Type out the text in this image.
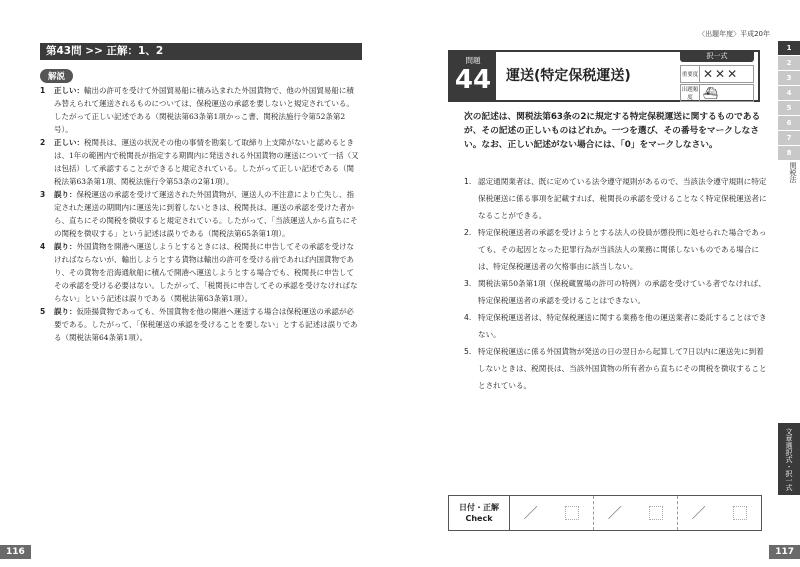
第43問 >> 正解：1、2
解説
1	正しい：輸出の許可を受けて外国貿易船に積み込まれた外国貨物で、他の外国貿易船に積み替えられて運送されるものについては、保税運送の承認を要しないと規定されている。したがって正しい記述である（関税法第63条第1項かっこ書、関税法施行令第52条第2号）。
2	正しい：税関長は、運送の状況その他の事情を勘案して取締り上支障がないと認めるときは、1年の範囲内で税関長が指定する期間内に発送される外国貨物の運送について一括（又は包括）して承認することができると規定されている。したがって正しい記述である（関税法第63条第1項、関税法施行令第53条の2第1項）。
3	誤り：保税運送の承認を受けて運送された外国貨物が、運送人の不注意により亡失し、指定された運送の期間内に運送先に到着しないときは、税関長は、運送の承認を受けた者から、直ちにその関税を徴収すると規定されている。したがって、「当該運送人から直ちにその関税を徴収する」という記述は誤りである（関税法第65条第1項）。
4	誤り：外国貨物を開港へ運送しようとするときには、税関長に申告してその承認を受けなければならないが、輸出しようとする貨物は輸出の許可を受ける前であれば内国貨物であり、その貨物を沿海通航船に積んで開港へ運送しようとする場合でも、税関長に申告してその承認を受ける必要はない。したがって、「税関長に申告してその承認を受けなければならない」という記述は誤りである（関税法第63条第1項）。
5	誤り：仮陸揚貨物であっても、外国貨物を他の開港へ運送する場合は保税運送の承認が必要である。したがって、「保税運送の承認を受けることを要しない」とする記述は誤りである（関税法第64条第1項）。
116
〈出題年度〉平成20年
117
1
2
3
4
5
6
7
8
関税法
文章選択式・択一式
問題
44	運送(特定保税運送)
択一式
重要度 ✕✕✕
出題頻度 ⛴
次の記述は、関税法第63条の2に規定する特定保税運送に関するものであるが、その記述の正しいものはどれか。一つを選び、その番号をマークしなさい。なお、正しい記述がない場合には、「0」をマークしなさい。
1. 認定通関業者は、既に定めている法令遵守規則があるので、当該法令遵守規則に特定保税運送に係る事項を記載すれば、税関長の承認を受けることなく特定保税運送者になることができる。
2. 特定保税運送者の承認を受けようとする法人の役員が懲役刑に処せられた場合であっても、その起因となった犯罪行為が当該法人の業務に関係しないものである場合には、特定保税運送者の欠格事由に該当しない。
3. 関税法第50条第1項（保税蔵置場の許可の特例）の承認を受けている者でなければ、特定保税運送者の承認を受けることはできない。
4. 特定保税運送者は、特定保税運送に関する業務を他の運送業者に委託することはできない。
5. 特定保税運送に係る外国貨物が発送の日の翌日から起算して7日以内に運送先に到着しないときは、税関長は、当該外国貨物の所有者から直ちにその関税を徴収することとされている。
日付・正解
Check	／	／	／
